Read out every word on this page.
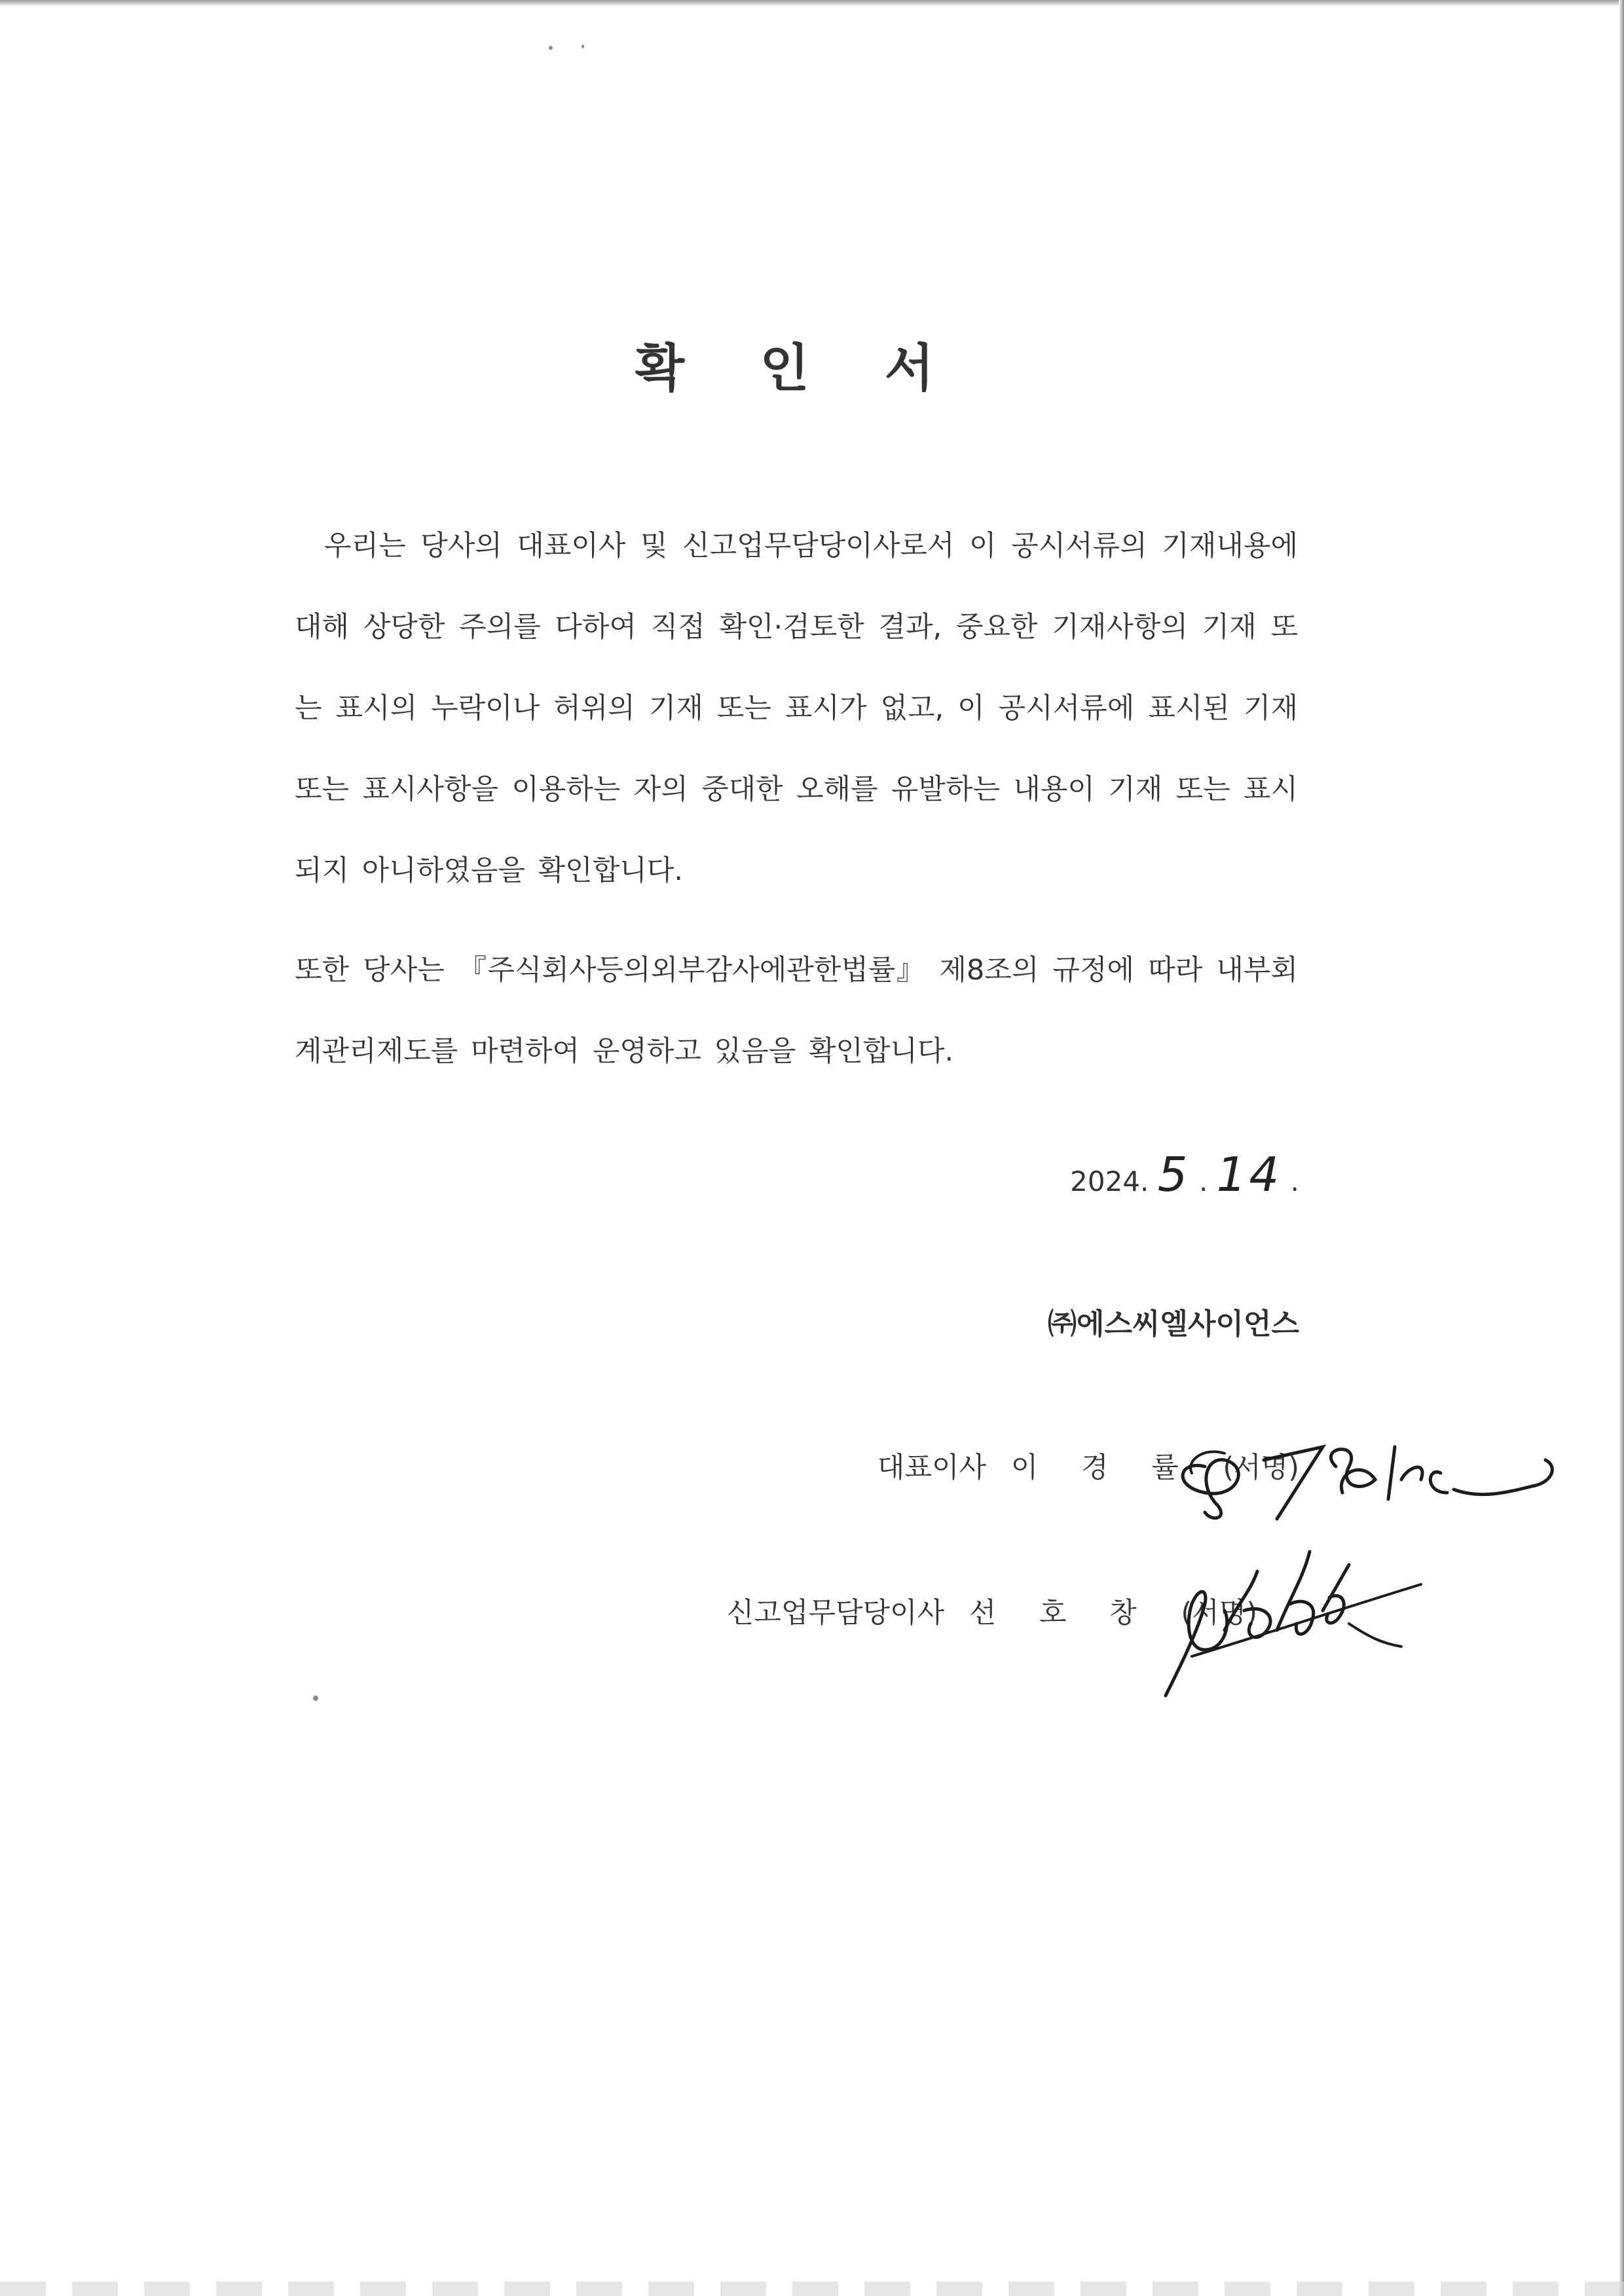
확 인 서
우리는 당사의 대표이사 및 신고업무담당이사로서 이 공시서류의 기재내용에 대해 상당한 주의를 다하여 직접 확인·검토한 결과, 중요한 기재사항의 기재 또는 표시의 누락이나 허위의 기재 또는 표시가 없고, 이 공시서류에 표시된 기재 또는 표시사항을 이용하는 자의 중대한 오해를 유발하는 내용이 기재 또는 표시되지 아니하였음을 확인합니다.
또한 당사는 『주식회사등의외부감사에관한법률』 제8조의 규정에 따라 내부회계관리제도를 마련하여 운영하고 있음을 확인합니다.
2024. 5 . 14 .
㈜에스씨엘사이언스
대표이사 이 경 률 (서명)
신고업무담당이사 선 호 창 (서명)
